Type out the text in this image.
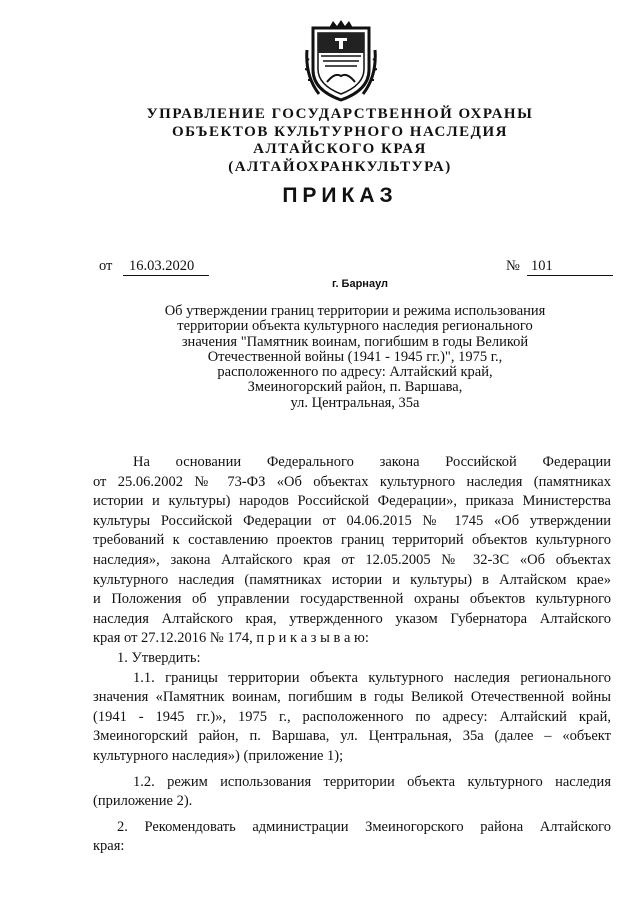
УПРАВЛЕНИЕ ГОСУДАРСТВЕННОЙ ОХРАНЫ
ОБЪЕКТОВ КУЛЬТУРНОГО НАСЛЕДИЯ
АЛТАЙСКОГО КРАЯ
(АЛТАЙОХРАНКУЛЬТУРА)
ПРИКАЗ
от	16.03.2020	№ 101
г. Барнаул
Об утверждении границ территории и режима использования
территории объекта культурного наследия регионального
значения "Памятник воинам, погибшим в годы Великой
Отечественной войны (1941 - 1945 гг.)", 1975 г.,
расположенного по адресу: Алтайский край,
Змеиногорский район, п. Варшава,
ул. Центральная, 35а
На основании Федерального закона Российской Федерации
от 25.06.2002 № 73-ФЗ «Об объектах культурного наследия (памятниках
истории и культуры) народов Российской Федерации», приказа Министерства
культуры Российской Федерации от 04.06.2015 № 1745 «Об утверждении
требований к составлению проектов границ территорий объектов культурного
наследия», закона Алтайского края от 12.05.2005 № 32-ЗС «Об объектах
культурного наследия (памятниках истории и культуры) в Алтайском крае»
и Положения об управлении государственной охраны объектов культурного
наследия Алтайского края, утвержденного указом Губернатора Алтайского
края от 27.12.2016 № 174, п р и к а з ы в а ю:
1. Утвердить:
1.1. границы территории объекта культурного наследия регионального
значения «Памятник воинам, погибшим в годы Великой Отечественной войны
(1941 - 1945 гг.)», 1975 г., расположенного по адресу: Алтайский край,
Змеиногорский район, п. Варшава, ул. Центральная, 35а (далее – «объект
культурного наследия») (приложение 1);
1.2. режим использования территории объекта культурного наследия
(приложение 2).
2. Рекомендовать администрации Змеиногорского района Алтайского
края:
